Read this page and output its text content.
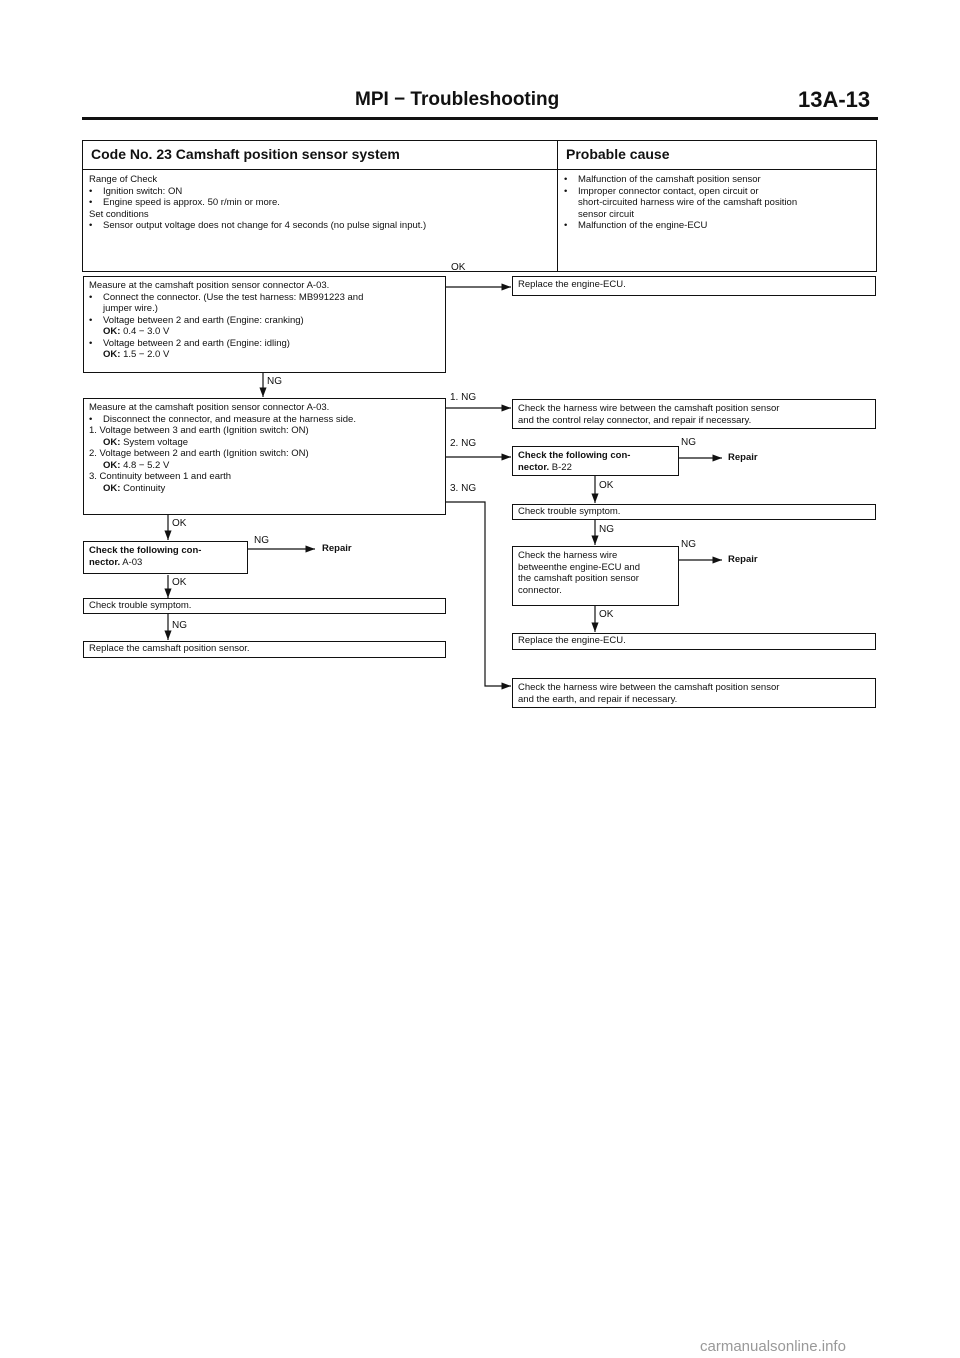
MPI − Troubleshooting	13A-13
Code No. 23 Camshaft position sensor system	Probable cause
Range of Check
• Ignition switch: ON
• Engine speed is approx. 50 r/min or more.
Set conditions
• Sensor output voltage does not change for 4 seconds (no pulse signal input.)
• Malfunction of the camshaft position sensor
• Improper connector contact, open circuit or
short-circuited harness wire of the camshaft position
sensor circuit
• Malfunction of the engine-ECU
Measure at the camshaft position sensor connector A-03.
• Connect the connector. (Use the test harness: MB991223 and
jumper wire.)
• Voltage between 2 and earth (Engine: cranking)
OK: 0.4 − 3.0 V
• Voltage between 2 and earth (Engine: idling)
OK: 1.5 − 2.0 V
Replace the engine-ECU.
Measure at the camshaft position sensor connector A-03.
• Disconnect the connector, and measure at the harness side.
1. Voltage between 3 and earth (Ignition switch: ON)
OK: System voltage
2. Voltage between 2 and earth (Ignition switch: ON)
OK: 4.8 − 5.2 V
3. Continuity between 1 and earth
OK: Continuity
Check the harness wire between the camshaft position sensor
and the control relay connector, and repair if necessary.
Check the following con-
nector. B-22
Check the following con-
nector. A-03
Check trouble symptom.
Replace the camshaft position sensor.
Check trouble symptom.
Check the harness wire
betweenthe engine-ECU and
the camshaft position sensor
connector.
Replace the engine-ECU.
Check the harness wire between the camshaft position sensor
and the earth, and repair if necessary.
OK
NG
1. NG
2. NG
3. NG
OK
NG
Repair
OK
NG
NG
Repair
OK
NG
NG
Repair
OK
carmanualsonline.info
